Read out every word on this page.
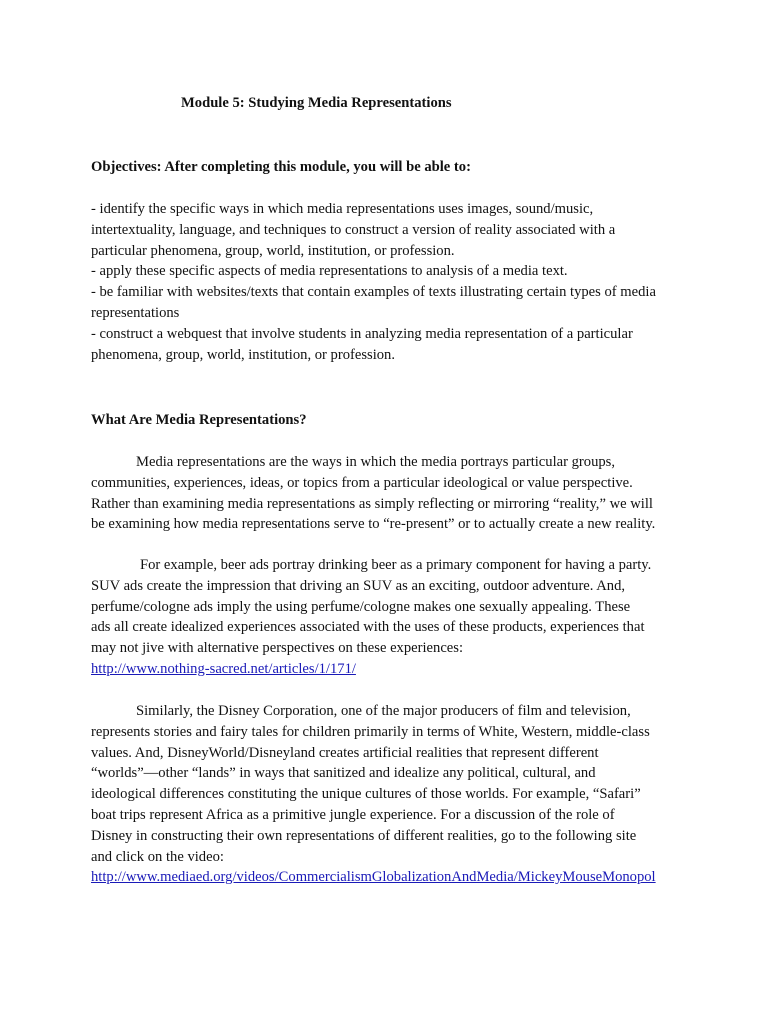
Module 5: Studying Media Representations
Objectives: After completing this module, you will be able to:
- identify the specific ways in which media representations uses images, sound/music,
intertextuality, language, and techniques to construct a version of reality associated with a
particular phenomena, group, world, institution, or profession.
- apply these specific aspects of media representations to analysis of a media text.
- be familiar with websites/texts that contain examples of texts illustrating certain types of media
representations
- construct a webquest that involve students in analyzing media representation of a particular
phenomena, group, world, institution, or profession.
What Are Media Representations?
Media representations are the ways in which the media portrays particular groups,
communities, experiences, ideas, or topics from a particular ideological or value perspective.
Rather than examining media representations as simply reflecting or mirroring “reality,” we will
be examining how media representations serve to “re-present” or to actually create a new reality.
For example, beer ads portray drinking beer as a primary component for having a party.
SUV ads create the impression that driving an SUV as an exciting, outdoor adventure. And,
perfume/cologne ads imply the using perfume/cologne makes one sexually appealing. These
ads all create idealized experiences associated with the uses of these products, experiences that
may not jive with alternative perspectives on these experiences:
http://www.nothing-sacred.net/articles/1/171/
Similarly, the Disney Corporation, one of the major producers of film and television,
represents stories and fairy tales for children primarily in terms of White, Western, middle-class
values. And, DisneyWorld/Disneyland creates artificial realities that represent different
“worlds”—other “lands” in ways that sanitized and idealize any political, cultural, and
ideological differences constituting the unique cultures of those worlds. For example, “Safari”
boat trips represent Africa as a primitive jungle experience. For a discussion of the role of
Disney in constructing their own representations of different realities, go to the following site
and click on the video:
http://www.mediaed.org/videos/CommercialismGlobalizationAndMedia/MickeyMouseMonopol
